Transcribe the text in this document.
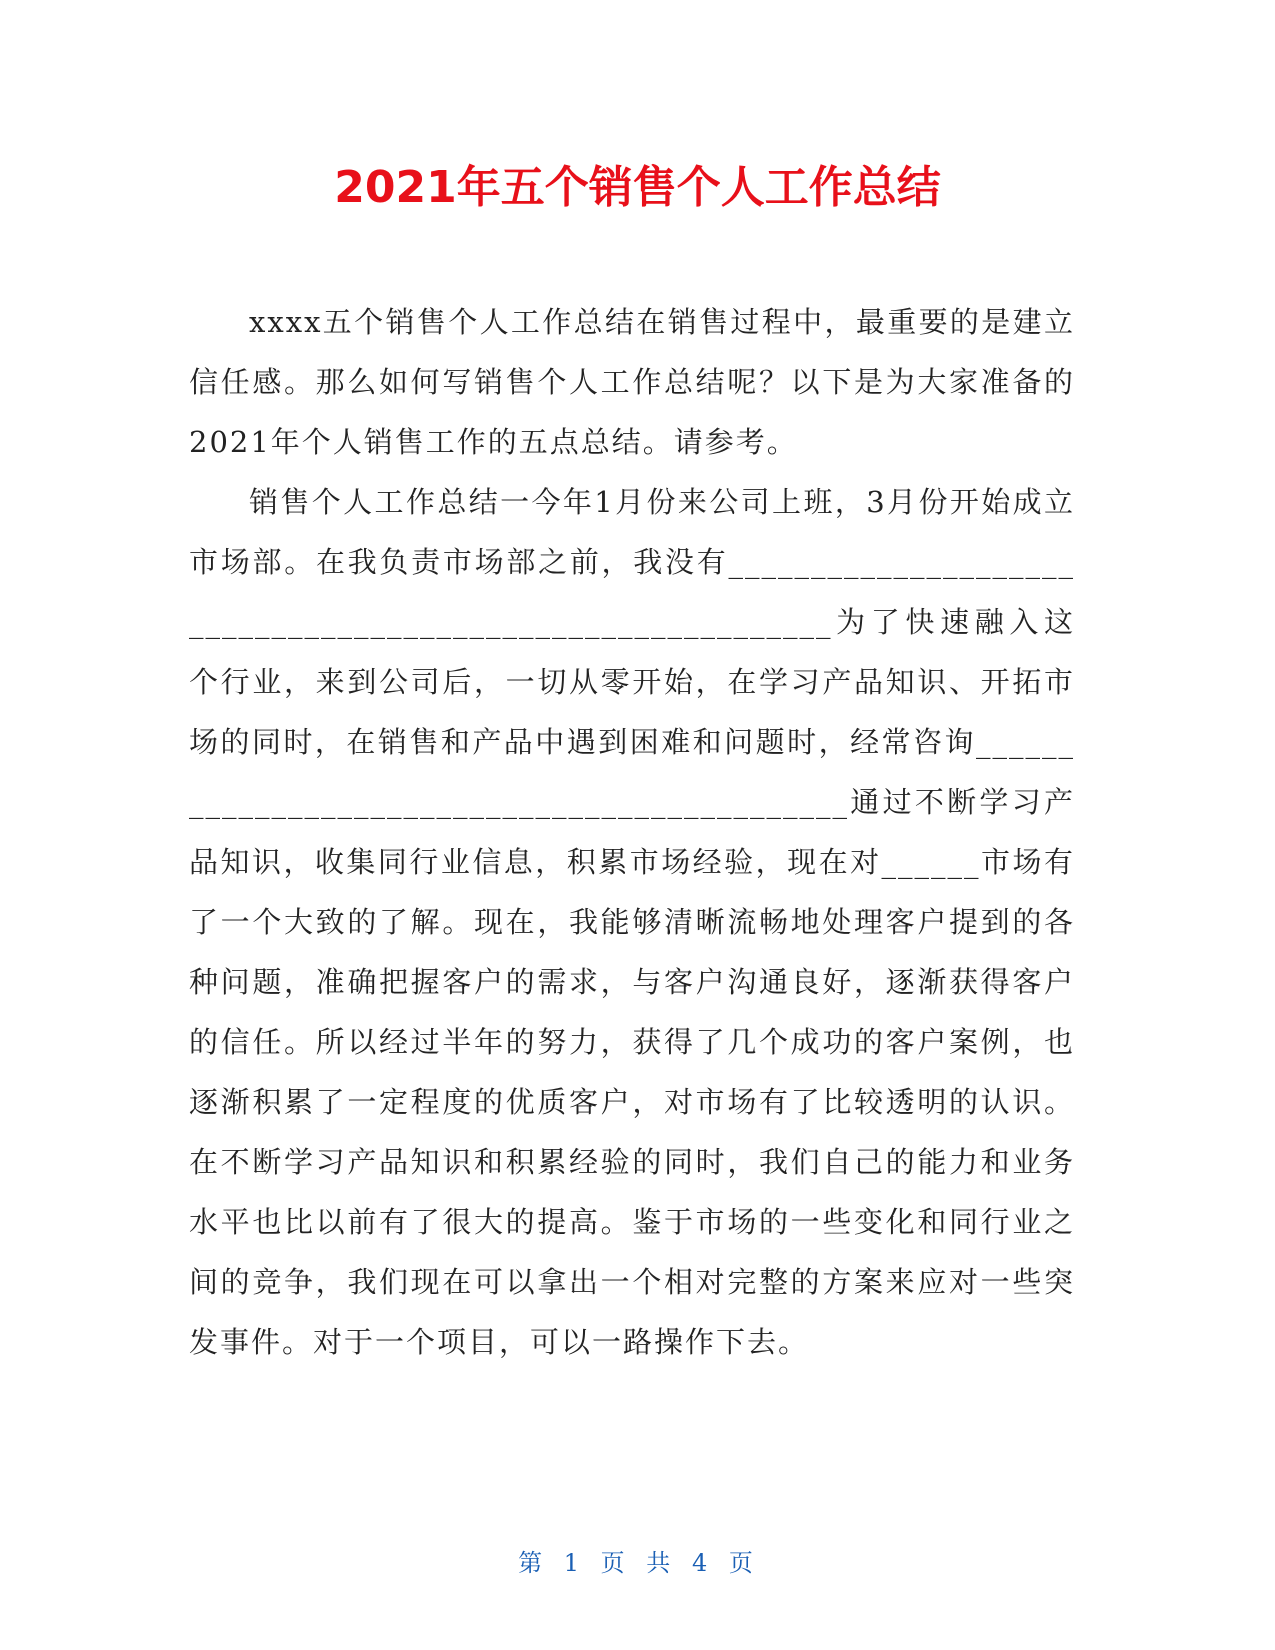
2021年五个销售个人工作总结

xxxx五个销售个人工作总结在销售过程中，最重要的是建立信任感。那么如何写销售个人工作总结呢？以下是为大家准备的2021年个人销售工作的五点总结。请参考。

销售个人工作总结一今年1月份来公司上班，3月份开始成立市场部。在我负责市场部之前，我没有____________________________________________________________为了快速融入这个行业，来到公司后，一切从零开始，在学习产品知识、开拓市场的同时，在销售和产品中遇到困难和问题时，经常咨询______________________________________________通过不断学习产品知识，收集同行业信息，积累市场经验，现在对______市场有了一个大致的了解。现在，我能够清晰流畅地处理客户提到的各种问题，准确把握客户的需求，与客户沟通良好，逐渐获得客户的信任。所以经过半年的努力，获得了几个成功的客户案例，也逐渐积累了一定程度的优质客户，对市场有了比较透明的认识。在不断学习产品知识和积累经验的同时，我们自己的能力和业务水平也比以前有了很大的提高。鉴于市场的一些变化和同行业之间的竞争，我们现在可以拿出一个相对完整的方案来应对一些突发事件。对于一个项目，可以一路操作下去。

第 1 页 共 4 页
